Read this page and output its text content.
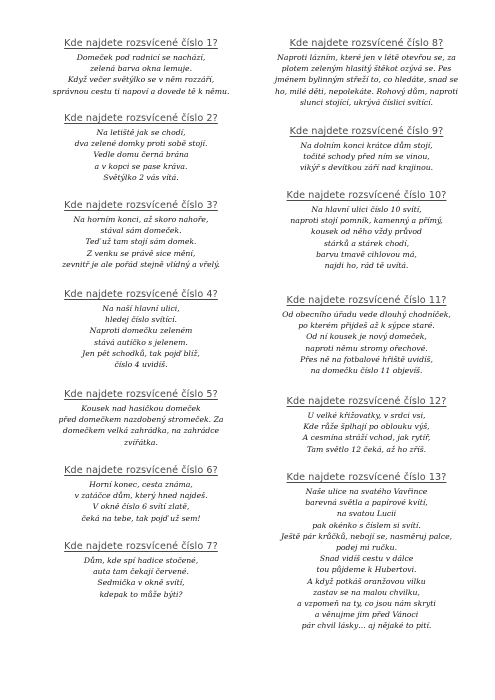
Kde najdete rozsvícené číslo 1?
Domeček pod radnicí se nachází,
zelená barva okna lemuje.
Když večer světýlko se v něm rozzáří,
správnou cestu ti napoví a dovede tě k němu.
Kde najdete rozsvícené číslo 2?
Na letiště jak se chodí,
dva zelené domky proti sobě stojí.
Vedle domu černá brána
a v kopci se pase kráva.
Světýlko 2 vás vítá.
Kde najdete rozsvícené číslo 3?
Na horním konci, až skoro nahoře,
stával sám domeček.
Teď už tam stojí sám domek.
Z venku se právě sice mění,
zevnitř je ale pořád stejně vlídný a vřelý.
Kde najdete rozsvícené číslo 4?
Na naší hlavní ulici,
hledej číslo svítící.
Naproti domečku zeleném
stává autíčko s jelenem.
Jen pět schodků, tak pojď blíž,
číslo 4 uvidíš.
Kde najdete rozsvícené číslo 5?
Kousek nad hasičkou domeček
před domečkem nazdobený stromeček. Za
domečkem velká zahrádka, na zahrádce
zvířátka.
Kde najdete rozsvícené číslo 6?
Horní konec, cesta známa,
v zatáčce dům, který hned najdeš.
V okně číslo 6 svítí zlatě,
čeká na tebe, tak pojď už sem!
Kde najdete rozsvícené číslo 7?
Dům, kde spí hadice stočené,
auta tam čekají červené.
Sedmička v okně svítí,
kdepak to může býti?
Kde najdete rozsvícené číslo 8?
Naproti lázním, které jen v létě otevřou se, za
plotem zeleným hlasitý štěkot ozývá se. Pes
jménem bylinným střeží to, co hledáte, snad se
ho, milé děti, nepolekáte. Rohový dům, naproti
slunci stojící, ukrývá číslici svítící.
Kde najdete rozsvícené číslo 9?
Na dolním konci krátce dům stojí,
točité schody před ním se vinou,
vikýř s devítkou září nad krajinou.
Kde najdete rozsvícené číslo 10?
Na hlavní ulici číslo 10 svítí,
naproti stojí pomník, kamenný a přímý,
kousek od něho vždy průvod
stárků a stárek chodí,
barvu tmavě cihlovou má,
najdi ho, rád tě uvítá.
Kde najdete rozsvícené číslo 11?
Od obecního úřadu vede dlouhý chodníček,
po kterém přijdeš až k sýpce staré.
Od ní kousek je nový domeček,
naproti němu stromy ořechové.
Přes ně na fotbalové hřiště uvidíš,
na domečku číslo 11 objevíš.
Kde najdete rozsvícené číslo 12?
U velké křižovatky, v srdci vsi,
Kde růže šplhají po oblouku výš,
A cesmína stráží vchod, jak rytíř,
Tam světlo 12 čeká, až ho zříš.
Kde najdete rozsvícené číslo 13?
Naše ulice na svatého Vavřince
barevná světla a papírové kvítí,
na svatou Lucii
pak okénko s číslem si svítí.
Ještě pár krůčků, nebojí se, nasměruj palce,
podej mi ručku.
Snad vidíš cestu v dálce
tou půjdeme k Hubertovi.
A když potkáš oranžovou vilku
zastav se na malou chvilku,
a vzpomeň na ty, co jsou nám skryti
a věnujme jim před Vánoci
pár chvil lásky… aj nějaké to pití.
